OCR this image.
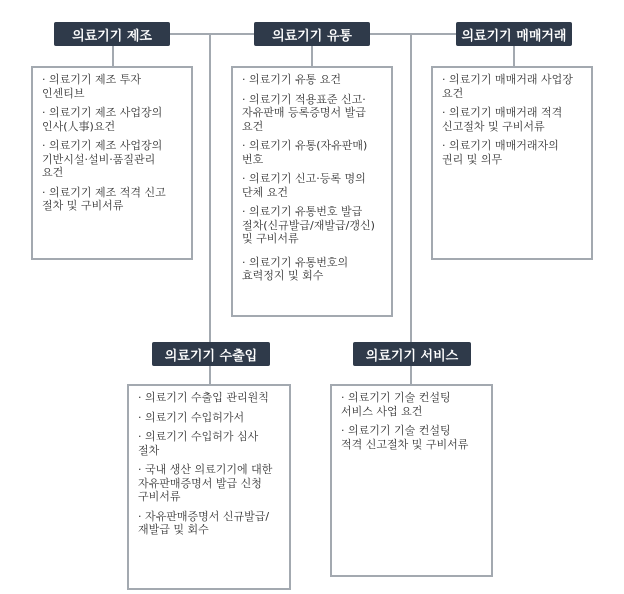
의료기기 제조	의료기기 유통	의료기기 매매거래
의료기기 수출입	의료기기 서비스
· 의료기기 제조 투자
인센티브
· 의료기기 제조 사업장의
인사(人事)요건
· 의료기기 제조 사업장의
기반시설·설비·품질관리
요건
· 의료기기 제조 적격 신고
절차 및 구비서류
· 의료기기 유통 요건
· 의료기기 적용표준 신고·
자유판매 등록증명서 발급
요건
· 의료기기 유통(자유판매)
번호
· 의료기기 신고·등록 명의
단체 요건
· 의료기기 유통번호 발급
절차(신규발급/재발급/갱신)
및 구비서류
· 의료기기 유통번호의
효력정지 및 회수
· 의료기기 매매거래 사업장
요건
· 의료기기 매매거래 적격
신고절차 및 구비서류
· 의료기기 매매거래자의
권리 및 의무
· 의료기기 수출입 관리원칙
· 의료기기 수입허가서
· 의료기기 수입허가 심사
절차
· 국내 생산 의료기기에 대한
자유판매증명서 발급 신청
구비서류
· 자유판매증명서 신규발급/
재발급 및 회수
· 의료기기 기술 컨설팅
서비스 사업 요건
· 의료기기 기술 컨설팅
적격 신고절차 및 구비서류
